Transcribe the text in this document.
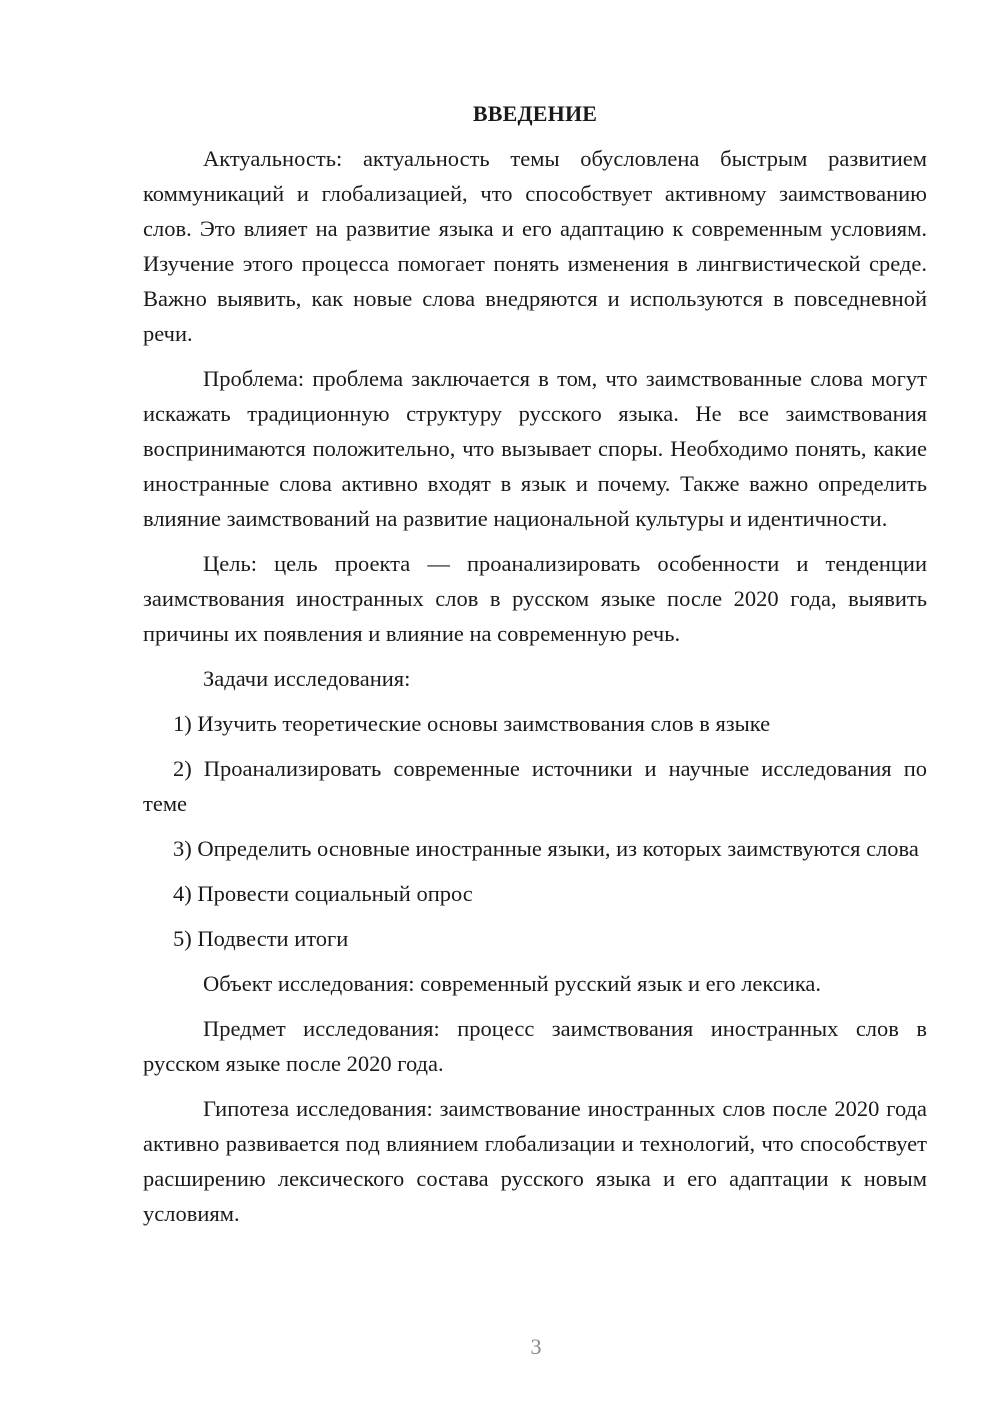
ВВЕДЕНИЕ

Актуальность: актуальность темы обусловлена быстрым развитием коммуникаций и глобализацией, что способствует активному заимствованию слов. Это влияет на развитие языка и его адаптацию к современным условиям. Изучение этого процесса помогает понять изменения в лингвистической среде. Важно выявить, как новые слова внедряются и используются в повседневной речи.

Проблема: проблема заключается в том, что заимствованные слова могут искажать традиционную структуру русского языка. Не все заимствования воспринимаются положительно, что вызывает споры. Необходимо понять, какие иностранные слова активно входят в язык и почему. Также важно определить влияние заимствований на развитие национальной культуры и идентичности.

Цель: цель проекта — проанализировать особенности и тенденции заимствования иностранных слов в русском языке после 2020 года, выявить причины их появления и влияние на современную речь.

Задачи исследования:

1) Изучить теоретические основы заимствования слов в языке

2) Проанализировать современные источники и научные исследования по теме

3) Определить основные иностранные языки, из которых заимствуются слова

4) Провести социальный опрос

5) Подвести итоги

Объект исследования: современный русский язык и его лексика.

Предмет исследования: процесс заимствования иностранных слов в русском языке после 2020 года.

Гипотеза исследования: заимствование иностранных слов после 2020 года активно развивается под влиянием глобализации и технологий, что способствует расширению лексического состава русского языка и его адаптации к новым условиям.

3
